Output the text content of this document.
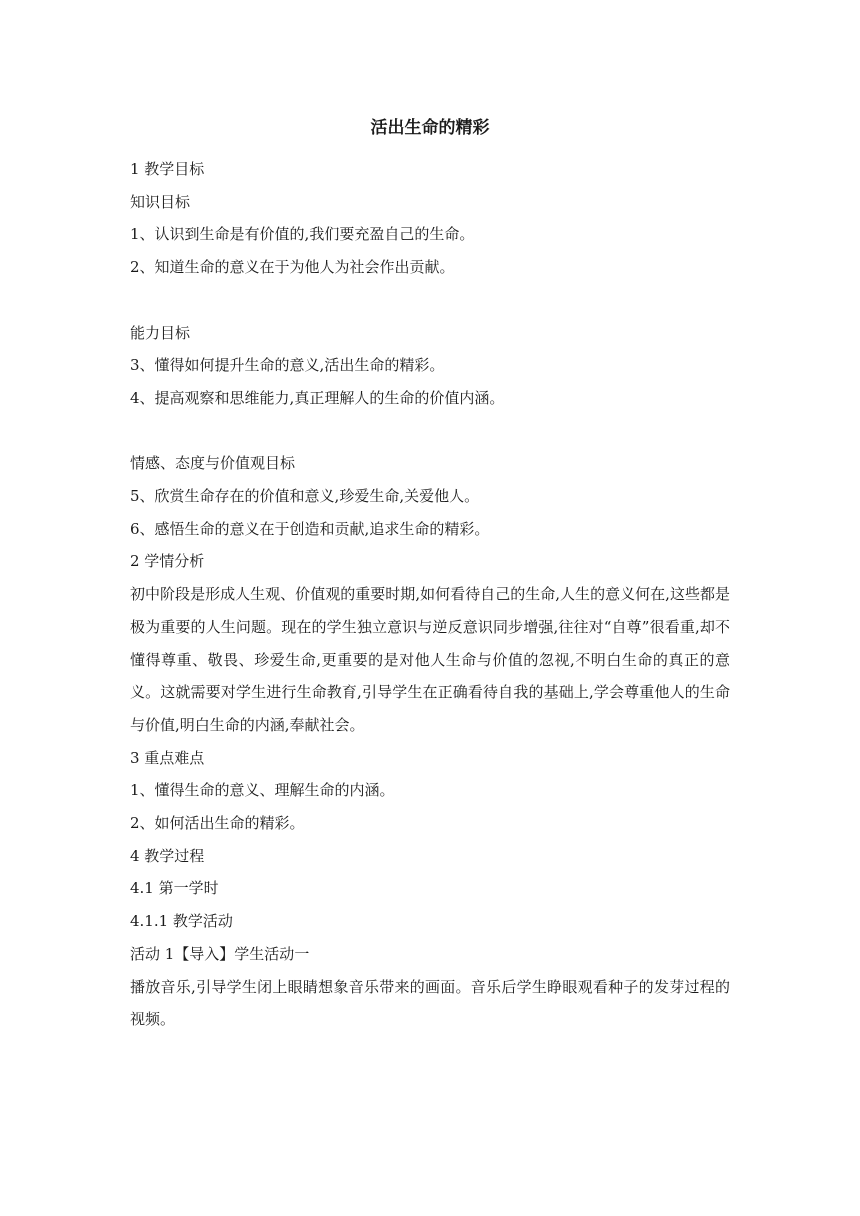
活出生命的精彩

1 教学目标

知识目标

1、认识到生命是有价值的,我们要充盈自己的生命。

2、知道生命的意义在于为他人为社会作出贡献。

能力目标

3、懂得如何提升生命的意义,活出生命的精彩。

4、提高观察和思维能力,真正理解人的生命的价值内涵。

情感、态度与价值观目标

5、欣赏生命存在的价值和意义,珍爱生命,关爱他人。

6、感悟生命的意义在于创造和贡献,追求生命的精彩。

2 学情分析

初中阶段是形成人生观、价值观的重要时期,如何看待自己的生命,人生的意义何在,这些都是极为重要的人生问题。现在的学生独立意识与逆反意识同步增强,往往对“自尊”很看重,却不懂得尊重、敬畏、珍爱生命,更重要的是对他人生命与价值的忽视,不明白生命的真正的意义。这就需要对学生进行生命教育,引导学生在正确看待自我的基础上,学会尊重他人的生命与价值,明白生命的内涵,奉献社会。

3 重点难点

1、懂得生命的意义、理解生命的内涵。

2、如何活出生命的精彩。

4 教学过程

4.1 第一学时

4.1.1 教学活动

活动 1【导入】学生活动一

播放音乐,引导学生闭上眼睛想象音乐带来的画面。音乐后学生睁眼观看种子的发芽过程的视频。
